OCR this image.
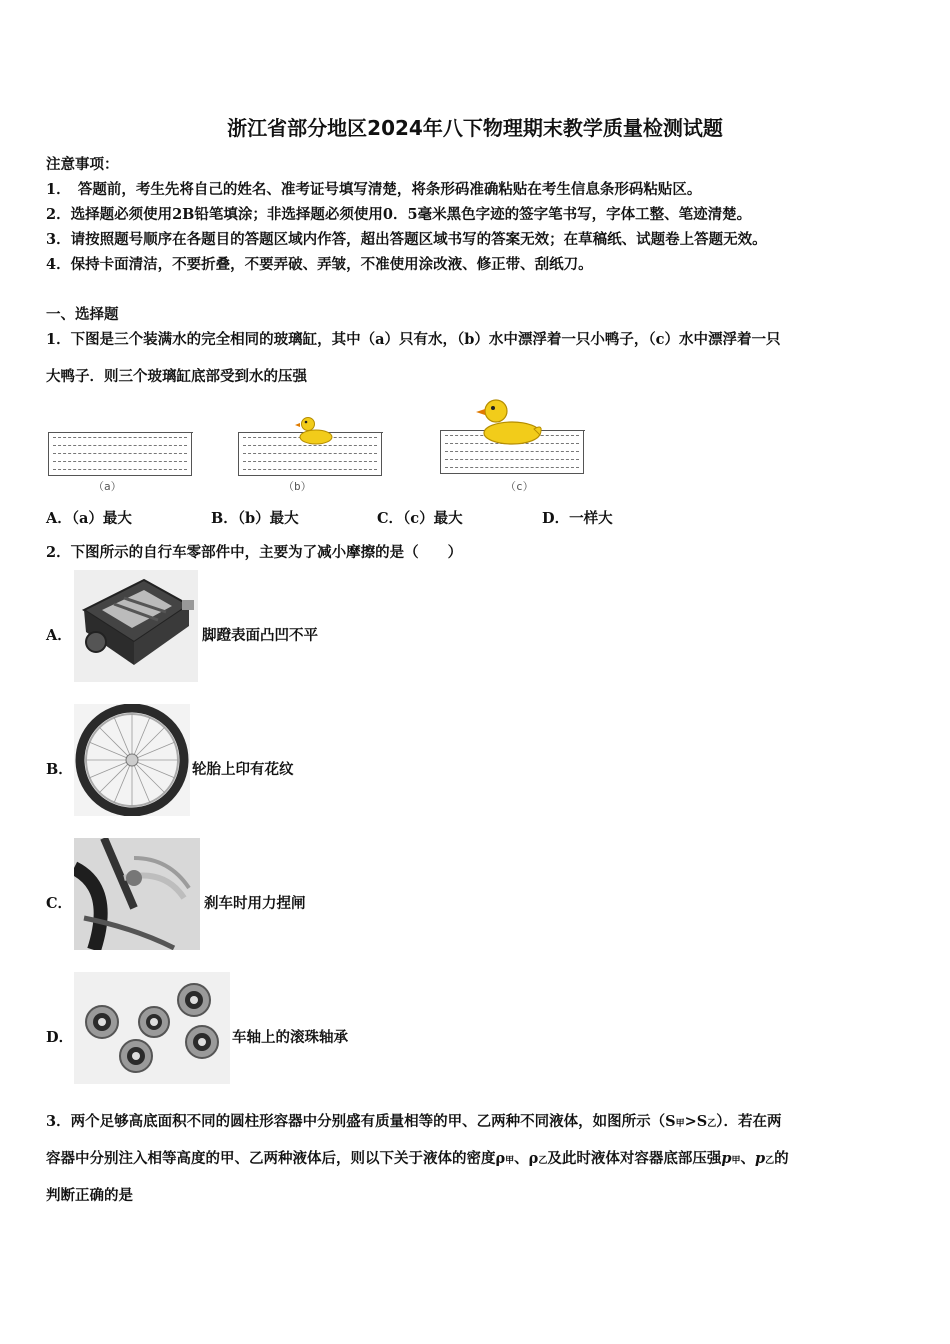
浙江省部分地区2024年八下物理期末教学质量检测试题
注意事项：
1．　答题前，考生先将自己的姓名、准考证号填写清楚，将条形码准确粘贴在考生信息条形码粘贴区。
2．选择题必须使用2B铅笔填涂；非选择题必须使用0．5毫米黑色字迹的签字笔书写，字体工整、笔迹清楚。
3．请按照题号顺序在各题目的答题区域内作答，超出答题区域书写的答案无效；在草稿纸、试题卷上答题无效。
4．保持卡面清洁，不要折叠，不要弄破、弄皱，不准使用涂改液、修正带、刮纸刀。
一、选择题
1．下图是三个装满水的完全相同的玻璃缸，其中（a）只有水，（b）水中漂浮着一只小鸭子，（c）水中漂浮着一只
大鸭子．则三个玻璃缸底部受到水的压强
（a）	（b）	（c）
A．（a）最大	B．（b）最大	C．（c）最大	D．一样大
2．下图所示的自行车零部件中，主要为了减小摩擦的是（　　）
A．	脚蹬表面凸凹不平
B．	轮胎上印有花纹
C．	刹车时用力捏闸
D．	车轴上的滚珠轴承
3．两个足够高底面积不同的圆柱形容器中分别盛有质量相等的甲、乙两种不同液体，如图所示（S甲>S乙）．若在两
容器中分别注入相等高度的甲、乙两种液体后，则以下关于液体的密度ρ甲、ρ乙及此时液体对容器底部压强p甲、p乙的
判断正确的是
